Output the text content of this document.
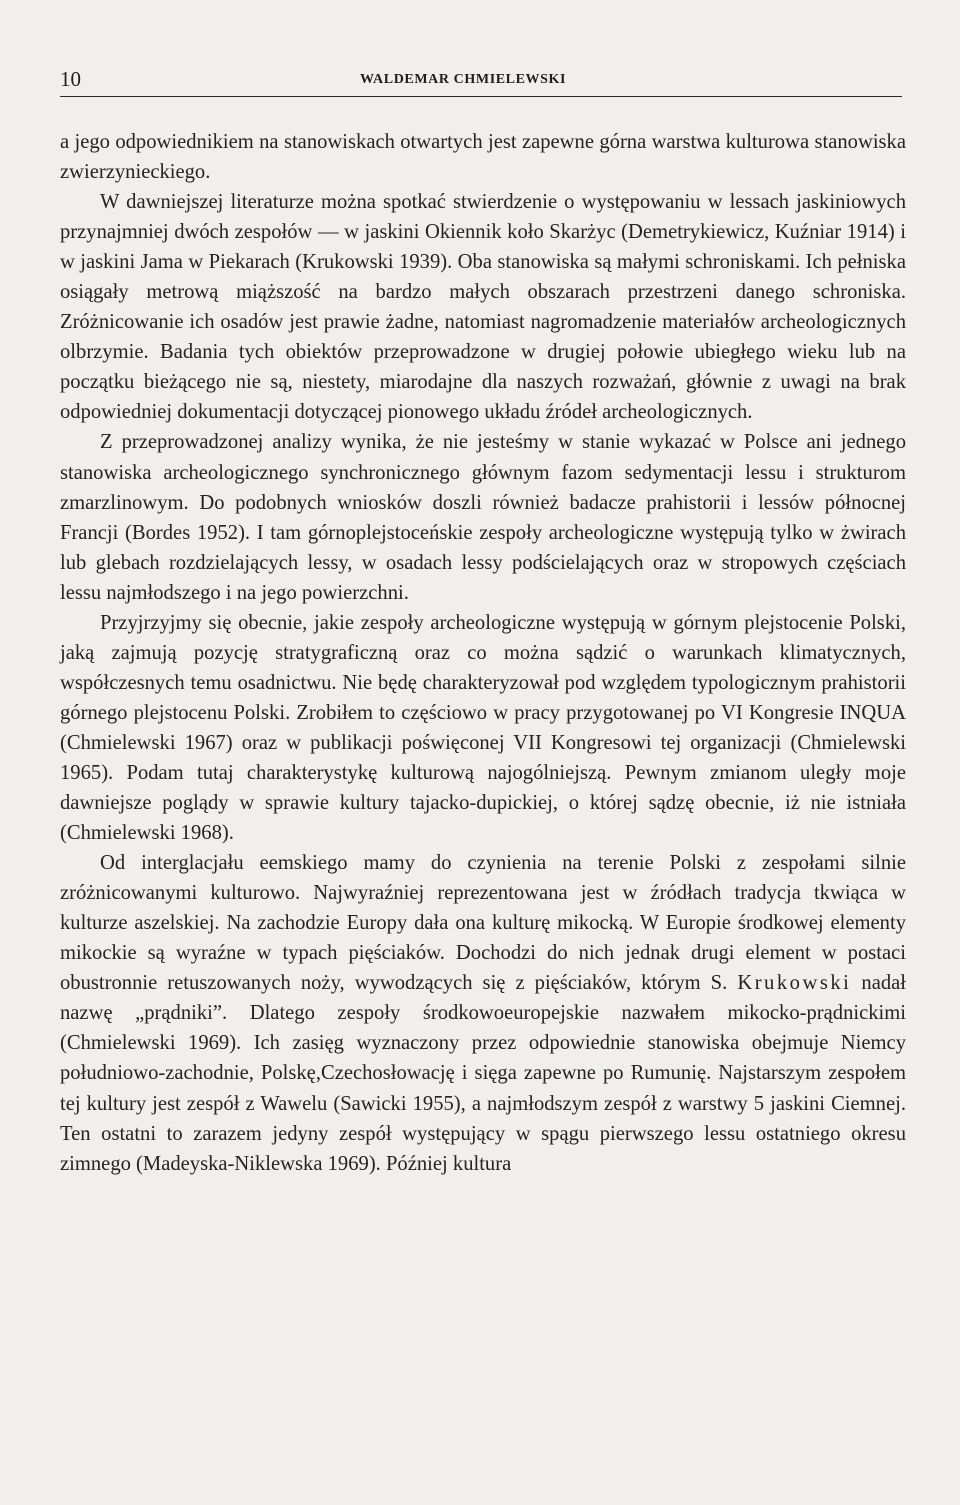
10	WALDEMAR CHMIELEWSKI

a jego odpowiednikiem na stanowiskach otwartych jest zapewne górna warstwa kulturowa stanowiska zwierzynieckiego.

W dawniejszej literaturze można spotkać stwierdzenie o występowaniu w lessach jaskiniowych przynajmniej dwóch zespołów — w jaskini Okiennik koło Skarżyc (Demetrykiewicz, Kuźniar 1914) i w jaskini Jama w Piekarach (Krukowski 1939). Oba stanowiska są małymi schroniskami. Ich pełniska osiągały metrową miąższość na bardzo małych obszarach przestrzeni danego schroniska. Zróżnicowanie ich osadów jest prawie żadne, natomiast nagromadzenie materiałów archeologicznych olbrzymie. Badania tych obiektów przeprowadzone w drugiej połowie ubiegłego wieku lub na początku bieżącego nie są, niestety, miarodajne dla naszych rozważań, głównie z uwagi na brak odpowiedniej dokumentacji dotyczącej pionowego układu źródeł archeologicznych.

Z przeprowadzonej analizy wynika, że nie jesteśmy w stanie wykazać w Polsce ani jednego stanowiska archeologicznego synchronicznego głównym fazom sedymentacji lessu i strukturom zmarzlinowym. Do podobnych wniosków doszli również badacze prahistorii i lessów północnej Francji (Bordes 1952). I tam górnoplejstoceńskie zespoły archeologiczne występują tylko w żwirach lub glebach rozdzielających lessy, w osadach lessy podścielających oraz w stropowych częściach lessu najmłodszego i na jego powierzchni.

Przyjrzyjmy się obecnie, jakie zespoły archeologiczne występują w górnym plejstocenie Polski, jaką zajmują pozycję stratygraficzną oraz co można sądzić o warunkach klimatycznych, współczesnych temu osadnictwu. Nie będę charakteryzował pod względem typologicznym prahistorii górnego plejstocenu Polski. Zrobiłem to częściowo w pracy przygotowanej po VI Kongresie INQUA (Chmielewski 1967) oraz w publikacji poświęconej VII Kongresowi tej organizacji (Chmielewski 1965). Podam tutaj charakterystykę kulturową najogólniejszą. Pewnym zmianom uległy moje dawniejsze poglądy w sprawie kultury tajacko-dupickiej, o której sądzę obecnie, iż nie istniała (Chmielewski 1968).

Od interglacjału eemskiego mamy do czynienia na terenie Polski z zespołami silnie zróżnicowanymi kulturowo. Najwyraźniej reprezentowana jest w źródłach tradycja tkwiąca w kulturze aszelskiej. Na zachodzie Europy dała ona kulturę mikocką. W Europie środkowej elementy mikockie są wyraźne w typach pięściaków. Dochodzi do nich jednak drugi element w postaci obustronnie retuszowanych noży, wywodzących się z pięściaków, którym S. Krukowski nadał nazwę „prądniki”. Dlatego zespoły środkowoeuropejskie nazwałem mikocko-prądnickimi (Chmielewski 1969). Ich zasięg wyznaczony przez odpowiednie stanowiska obejmuje Niemcy południowo-zachodnie, Polskę,Czechosłowację i sięga zapewne po Rumunię. Najstarszym zespołem tej kultury jest zespół z Wawelu (Sawicki 1955), a najmłodszym zespół z warstwy 5 jaskini Ciemnej. Ten ostatni to zarazem jedyny zespół występujący w spągu pierwszego lessu ostatniego okresu zimnego (Madeyska-Niklewska 1969). Później kultura
